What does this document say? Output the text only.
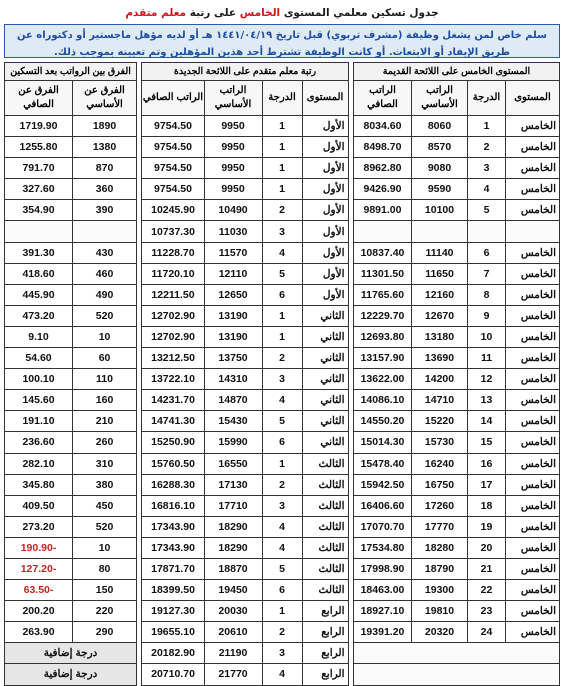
جدول تسكين معلمي المستوى الخامس على رتبة معلم متقدم
سلم خاص لمن يشغل وظيفة (مشرف تربوي) قبل تاريخ ١٤٤١/٠٤/١٩ هـ أو لديه مؤهل ماجستير أو دكتوراه عن طريق الإيفاد أو الابتعاث. أو كانت الوظيفة تشترط أحد هذين المؤهلين وتم تعيينه بموجب ذلك.
المستوى الخامس على اللائحة القديمة			
المستوى	الدرجة	الراتب الأساسي	الراتب الصافي
الخامس	1	8060	8034.60
الخامس	2	8570	8498.70
الخامس	3	9080	8962.80
الخامس	4	9590	9426.90
الخامس	5	10100	9891.00

الخامس	6	11140	10837.40
الخامس	7	11650	11301.50
الخامس	8	12160	11765.60
الخامس	9	12670	12229.70
الخامس	10	13180	12693.80
الخامس	11	13690	13157.90
الخامس	12	14200	13622.00
الخامس	13	14710	14086.10
الخامس	14	15220	14550.20
الخامس	15	15730	15014.30
الخامس	16	16240	15478.40
الخامس	17	16750	15942.50
الخامس	18	17260	16406.60
الخامس	19	17770	17070.70
الخامس	20	18280	17534.80
الخامس	21	18790	17998.90
الخامس	22	19300	18463.00
الخامس	23	19810	18927.10
الخامس	24	20320	19391.20

رتبة معلم متقدم على اللائحة الجديدة			
المستوى	الدرجة	الراتب الأساسي	الراتب الصافي
الأول	1	9950	9754.50
الأول	1	9950	9754.50
الأول	1	9950	9754.50
الأول	1	9950	9754.50
الأول	2	10490	10245.90
الأول	3	11030	10737.30
الأول	4	11570	11228.70
الأول	5	12110	11720.10
الأول	6	12650	12211.50
الثاني	1	13190	12702.90
الثاني	1	13190	12702.90
الثاني	2	13750	13212.50
الثاني	3	14310	13722.10
الثاني	4	14870	14231.70
الثاني	5	15430	14741.30
الثاني	6	15990	15250.90
الثالث	1	16550	15760.50
الثالث	2	17130	16288.30
الثالث	3	17710	16816.10
الثالث	4	18290	17343.90
الثالث	4	18290	17343.90
الثالث	5	18870	17871.70
الثالث	6	19450	18399.50
الرابع	1	20030	19127.30
الرابع	2	20610	19655.10
الرابع	3	21190	20182.90
الرابع	4	21770	20710.70
الفرق بين الرواتب بعد التسكين	
الفرق عن الأساسي	الفرق عن الصافي
1890	1719.90
1380	1255.80
870	791.70
360	327.60
390	354.90

430	391.30
460	418.60
490	445.90
520	473.20
10	9.10
60	54.60
110	100.10
160	145.60
210	191.10
260	236.60
310	282.10
380	345.80
450	409.50
520	273.20
10	-190.90
80	-127.20
150	-63.50
220	200.20
290	263.90
درجة إضافية	
درجة إضافية	
